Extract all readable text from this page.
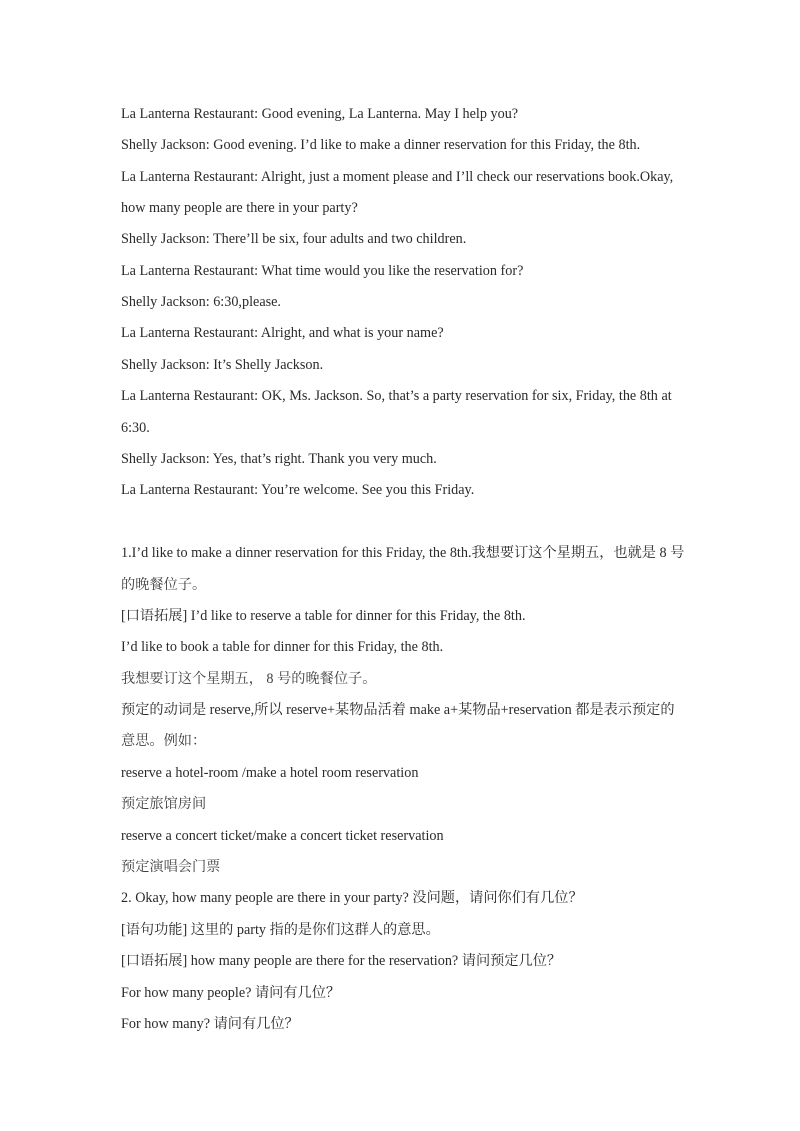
La Lanterna Restaurant: Good evening, La Lanterna. May I help you?
Shelly Jackson: Good evening. I’d like to make a dinner reservation for this Friday, the 8th.
La Lanterna Restaurant: Alright, just a moment please and I’ll check our reservations book.Okay,
how many people are there in your party?
Shelly Jackson: There’ll be six, four adults and two children.
La Lanterna Restaurant: What time would you like the reservation for?
Shelly Jackson: 6:30,please.
La Lanterna Restaurant: Alright, and what is your name?
Shelly Jackson: It’s Shelly Jackson.
La Lanterna Restaurant: OK, Ms. Jackson. So, that’s a party reservation for six, Friday, the 8th at
6:30.
Shelly Jackson: Yes, that’s right. Thank you very much.
La Lanterna Restaurant: You’re welcome. See you this Friday.
1.I’d like to make a dinner reservation for this Friday, the 8th.我想要订这个星期五，也就是 8 号
的晚餐位子。
[口语拓展] I’d like to reserve a table for dinner for this Friday, the 8th.
I’d like to book a table for dinner for this Friday, the 8th.
我想要订这个星期五， 8 号的晚餐位子。
预定的动词是 reserve,所以 reserve+某物品活着 make a+某物品+reservation 都是表示预定的
意思。例如：
reserve a hotel-room /make a hotel room reservation
预定旅馆房间
reserve a concert ticket/make a concert ticket reservation
预定演唱会门票
2. Okay, how many people are there in your party? 没问题，请问你们有几位？
[语句功能] 这里的 party 指的是你们这群人的意思。
[口语拓展] how many people are there for the reservation? 请问预定几位？
For how many people? 请问有几位？
For how many? 请问有几位？
